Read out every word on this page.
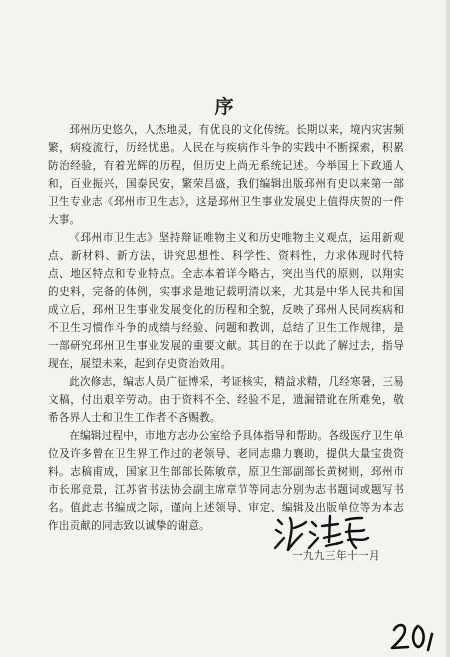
序

邳州历史悠久，人杰地灵，有优良的文化传统。长期以来，境内灾害频繁，病疫流行，历经忧患。人民在与疾病作斗争的实践中不断探索，积累防治经验，有着光辉的历程，但历史上尚无系统记述。今举国上下政通人和，百业振兴，国泰民安，繁荣昌盛，我们编辑出版邳州有史以来第一部卫生专业志《邳州市卫生志》，这是邳州卫生事业发展史上值得庆贺的一件大事。

《邳州市卫生志》坚持辩证唯物主义和历史唯物主义观点，运用新观点、新材料、新方法，讲究思想性、科学性、资料性，力求体现时代特点、地区特点和专业特点。全志本着详今略古，突出当代的原则，以翔实的史料，完备的体例，实事求是地记载明清以来，尤其是中华人民共和国成立后，邳州卫生事业发展变化的历程和全貌，反映了邳州人民同疾病和不卫生习惯作斗争的成绩与经验、问题和教训，总结了卫生工作规律，是一部研究邳州卫生事业发展的重要文献。其目的在于以此了解过去，指导现在，展望未来，起到存史资治效用。

此次修志，编志人员广征博采，考证核实，精益求精，几经寒暑，三易文稿，付出艰辛劳动。由于资料不全、经验不足，遗漏错讹在所难免，敬希各界人士和卫生工作者不吝赐教。

在编辑过程中，市地方志办公室给予具体指导和帮助。各级医疗卫生单位及许多曾在卫生界工作过的老领导、老同志鼎力襄助，提供大量宝贵资料。志稿甫成，国家卫生部部长陈敏章，原卫生部副部长黄树则，邳州市市长邢竞景，江苏省书法协会副主席章节等同志分别为志书题词或题写书名。值此志书编成之际，谨向上述领导、审定、编辑及出版单位等为本志作出贡献的同志致以诚挚的谢意。

一九九三年十一月
